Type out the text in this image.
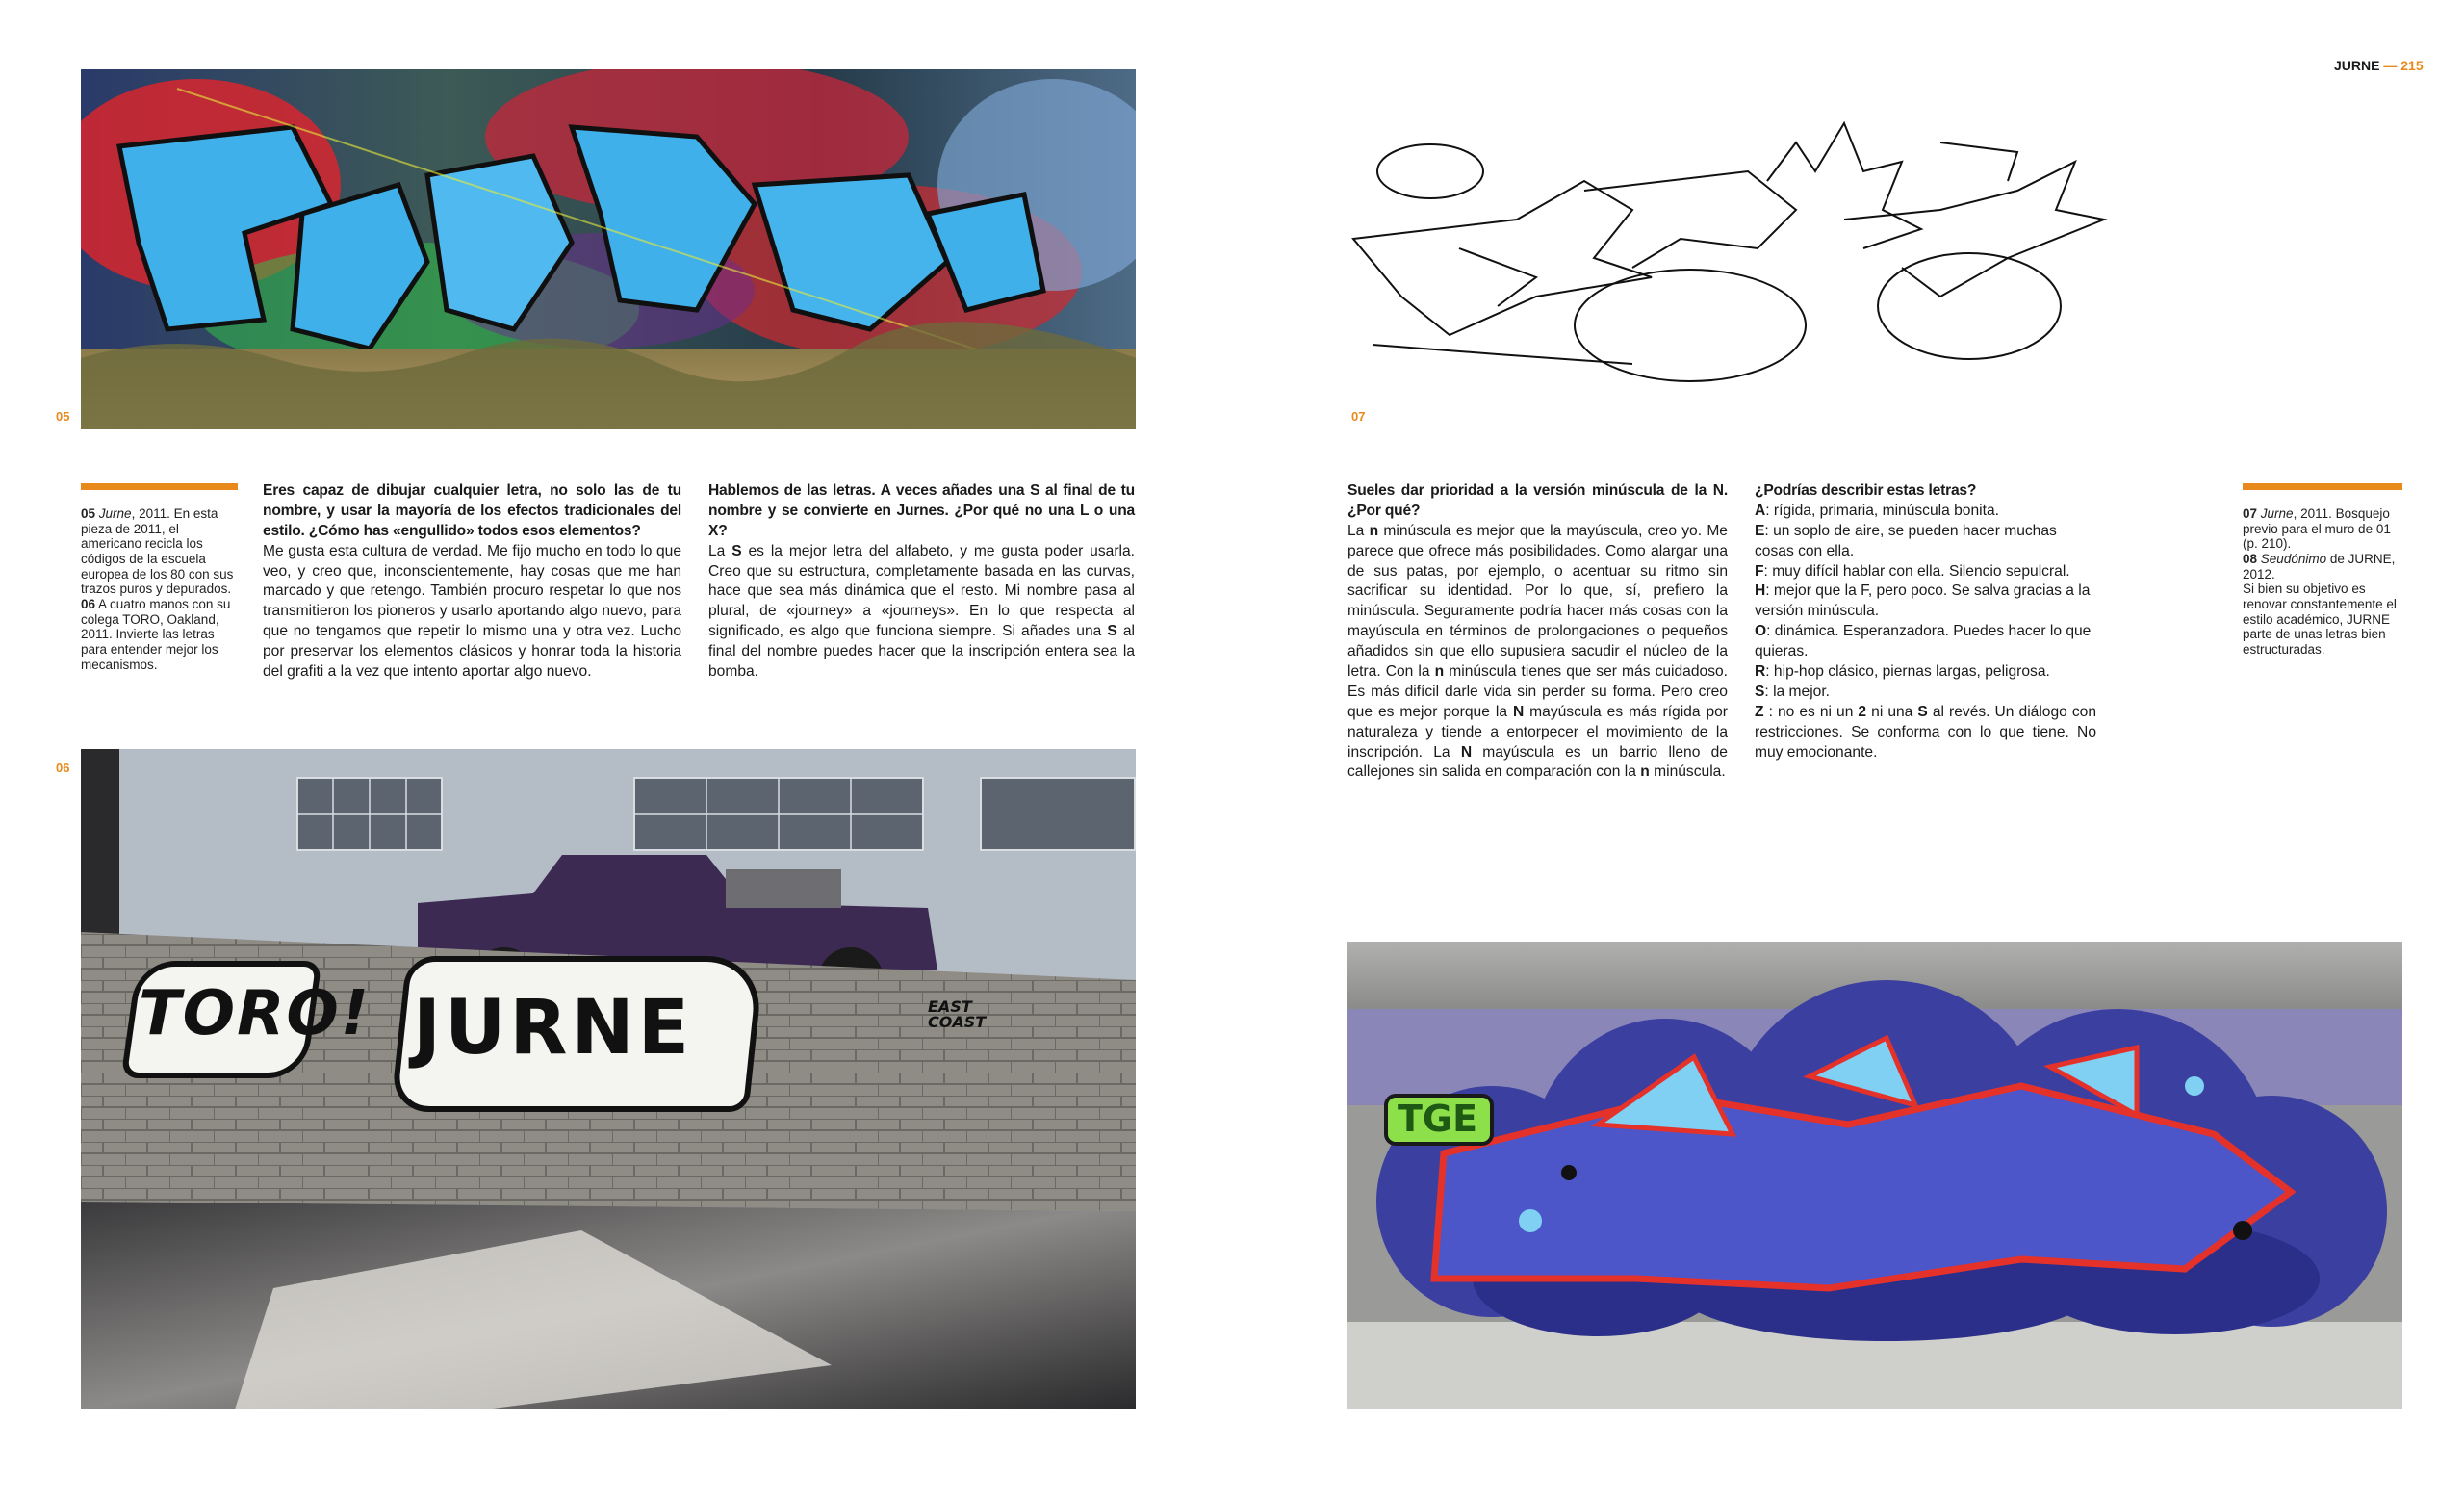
JURNE — 215
05	07

05 Jurne, 2011. En esta pieza de 2011, el americano recicla los códigos de la escuela europea de los 80 con sus trazos puros y depurados.

06 A cuatro manos con su colega TORO, Oakland, 2011. Invierte las letras para entender mejor los mecanismos.

Eres capaz de dibujar cualquier letra, no solo las de tu nombre, y usar la mayoría de los efectos tradicionales del estilo. ¿Cómo has «engullido» todos esos elementos?

Me gusta esta cultura de verdad. Me fijo mucho en todo lo que veo, y creo que, inconscientemente, hay cosas que me han marcado y que retengo. También procuro respetar lo que nos transmitieron los pioneros y usarlo aportando algo nuevo, para que no tengamos que repetir lo mismo una y otra vez. Lucho por preservar los elementos clásicos y honrar toda la historia del grafiti a la vez que intento aportar algo nuevo.

Hablemos de las letras. A veces añades una S al final de tu nombre y se convierte en Jurnes. ¿Por qué no una L o una X?

La S es la mejor letra del alfabeto, y me gusta poder usarla. Creo que su estructura, completamente basada en las curvas, hace que sea más dinámica que el resto. Mi nombre pasa al plural, de «journey» a «journeys». En lo que respecta al significado, es algo que funciona siempre. Si añades una S al final del nombre puedes hacer que la inscripción entera sea la bomba.

Sueles dar prioridad a la versión minúscula de la N. ¿Por qué?

La n minúscula es mejor que la mayúscula, creo yo. Me parece que ofrece más posibilidades. Como alargar una de sus patas, por ejemplo, o acentuar su ritmo sin sacrificar su identidad. Por lo que, sí, prefiero la minúscula. Seguramente podría hacer más cosas con la mayúscula en términos de prolongaciones o pequeños añadidos sin que ello supusiera sacudir el núcleo de la letra. Con la n minúscula tienes que ser más cuidadoso. Es más difícil darle vida sin perder su forma. Pero creo que es mejor porque la N mayúscula es más rígida por naturaleza y tiende a entorpecer el movimiento de la inscripción. La N mayúscula es un barrio lleno de callejones sin salida en comparación con la n minúscula.

¿Podrías describir estas letras?

A: rígida, primaria, minúscula bonita.

E: un soplo de aire, se pueden hacer muchas cosas con ella.

F: muy difícil hablar con ella. Silencio sepulcral.

H: mejor que la F, pero poco. Se salva gracias a la versión minúscula.

O: dinámica. Esperanzadora. Puedes hacer lo que quieras.

R: hip-hop clásico, piernas largas, peligrosa.

S: la mejor.

Z : no es ni un 2 ni una S al revés. Un diálogo con restricciones. Se conforma con lo que tiene. No muy emocionante.

07 Jurne, 2011. Bosquejo previo para el muro de 01 (p. 210).

08 Seudónimo de JURNE, 2012.

Si bien su objetivo es renovar constantemente el estilo académico, JURNE parte de unas letras bien estructuradas.

06
TORO! JURNE	EAST COAST
TGE
